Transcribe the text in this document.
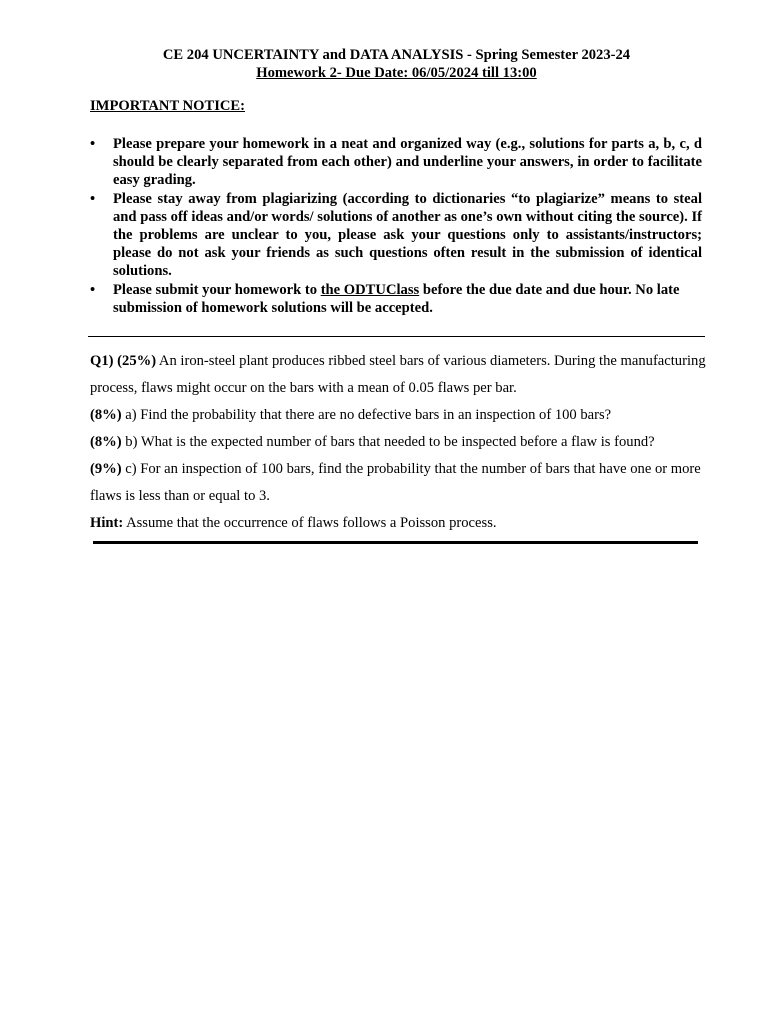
CE 204 UNCERTAINTY and DATA ANALYSIS - Spring Semester 2023-24
Homework 2- Due Date: 06/05/2024 till 13:00
IMPORTANT NOTICE:
• Please prepare your homework in a neat and organized way (e.g., solutions for parts a, b, c, d should be clearly separated from each other) and underline your answers, in order to facilitate easy grading.
• Please stay away from plagiarizing (according to dictionaries “to plagiarize” means to steal and pass off ideas and/or words/ solutions of another as one’s own without citing the source). If the problems are unclear to you, please ask your questions only to assistants/instructors; please do not ask your friends as such questions often result in the submission of identical solutions.
• Please submit your homework to the ODTUClass before the due date and due hour. No late submission of homework solutions will be accepted.

Q1) (25%) An iron-steel plant produces ribbed steel bars of various diameters. During the manufacturing process, flaws might occur on the bars with a mean of 0.05 flaws per bar.

(8%) a) Find the probability that there are no defective bars in an inspection of 100 bars?

(8%) b) What is the expected number of bars that needed to be inspected before a flaw is found?

(9%) c) For an inspection of 100 bars, find the probability that the number of bars that have one or more flaws is less than or equal to 3.

Hint: Assume that the occurrence of flaws follows a Poisson process.
